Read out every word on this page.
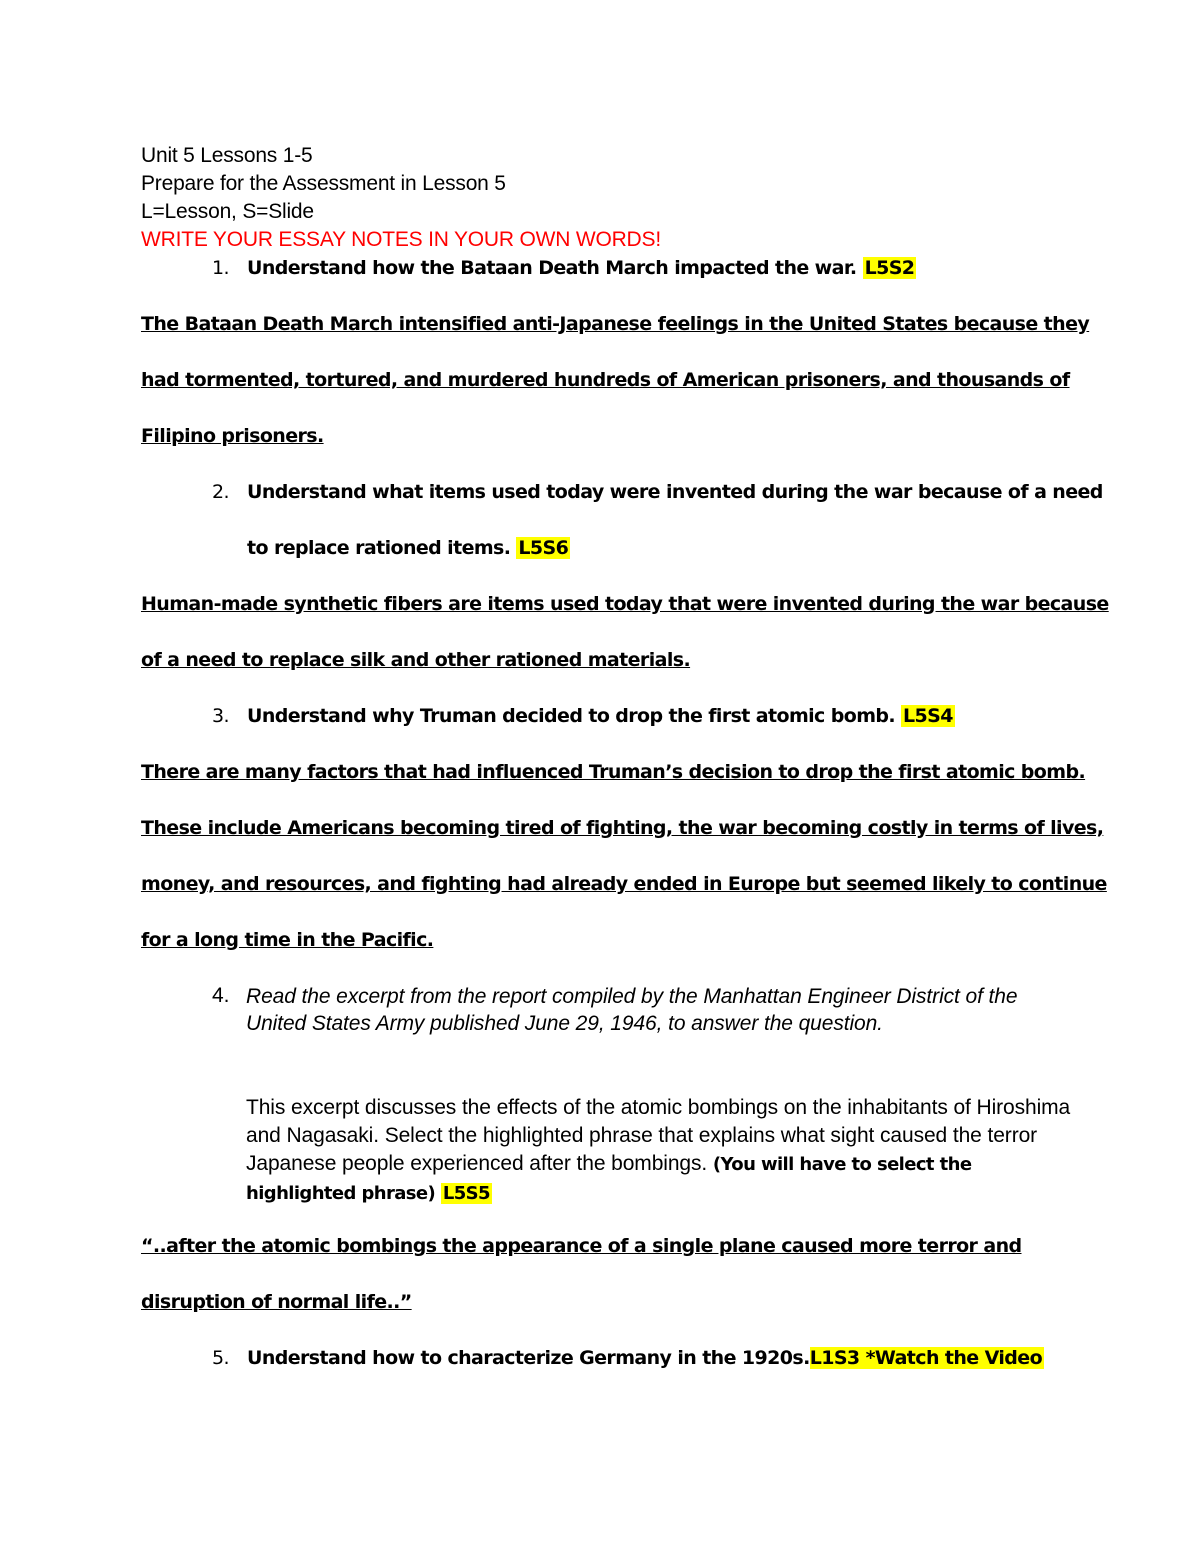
Unit 5 Lessons 1-5
Prepare for the Assessment in Lesson 5
L=Lesson, S=Slide
WRITE YOUR ESSAY NOTES IN YOUR OWN WORDS!
1. Understand how the Bataan Death March impacted the war. L5S2
The Bataan Death March intensified anti-Japanese feelings in the United States because they
had tormented, tortured, and murdered hundreds of American prisoners, and thousands of
Filipino prisoners.
2. Understand what items used today were invented during the war because of a need
to replace rationed items. L5S6
Human-made synthetic fibers are items used today that were invented during the war because
of a need to replace silk and other rationed materials.
3. Understand why Truman decided to drop the first atomic bomb. L5S4
There are many factors that had influenced Truman’s decision to drop the first atomic bomb.
These include Americans becoming tired of fighting, the war becoming costly in terms of lives,
money, and resources, and fighting had already ended in Europe but seemed likely to continue
for a long time in the Pacific.
4. Read the excerpt from the report compiled by the Manhattan Engineer District of the United States Army published June 29, 1946, to answer the question.
This excerpt discusses the effects of the atomic bombings on the inhabitants of Hiroshima and Nagasaki. Select the highlighted phrase that explains what sight caused the terror Japanese people experienced after the bombings. (You will have to select the highlighted phrase) L5S5
“..after the atomic bombings the appearance of a single plane caused more terror and
disruption of normal life..”
5. Understand how to characterize Germany in the 1920s.L1S3 *Watch the Video
